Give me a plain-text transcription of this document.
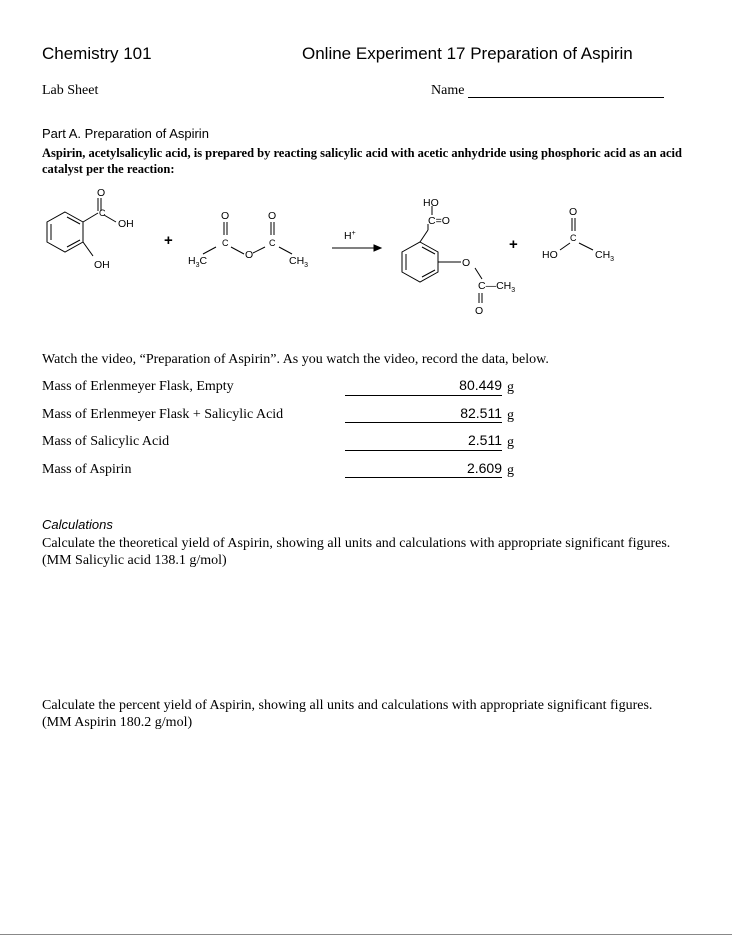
Chemistry 101	Online Experiment 17 Preparation of Aspirin
Lab Sheet	Name
Part A. Preparation of Aspirin
Aspirin, acetylsalicylic acid, is prepared by reacting salicylic acid with acetic anhydride using phosphoric acid as an acid catalyst per the reaction:
O
C
OH
OH
+	+
O	O
C	C
O
$H_3C$	$CH_3$
H+
HO
C=O
O
$C—CH_3$
O
O
C
HO	$CH_3$
Watch the video, “Preparation of Aspirin”. As you watch the video, record the data, below.
Mass of Erlenmeyer Flask, Empty	80.449 g
Mass of Erlenmeyer Flask + Salicylic Acid	82.511 g
Mass of Salicylic Acid	2.511 g
Mass of Aspirin	2.609 g
Calculations
Calculate the theoretical yield of Aspirin, showing all units and calculations with appropriate significant figures.
(MM Salicylic acid 138.1 g/mol)
Calculate the percent yield of Aspirin, showing all units and calculations with appropriate significant figures.
(MM Aspirin 180.2 g/mol)
